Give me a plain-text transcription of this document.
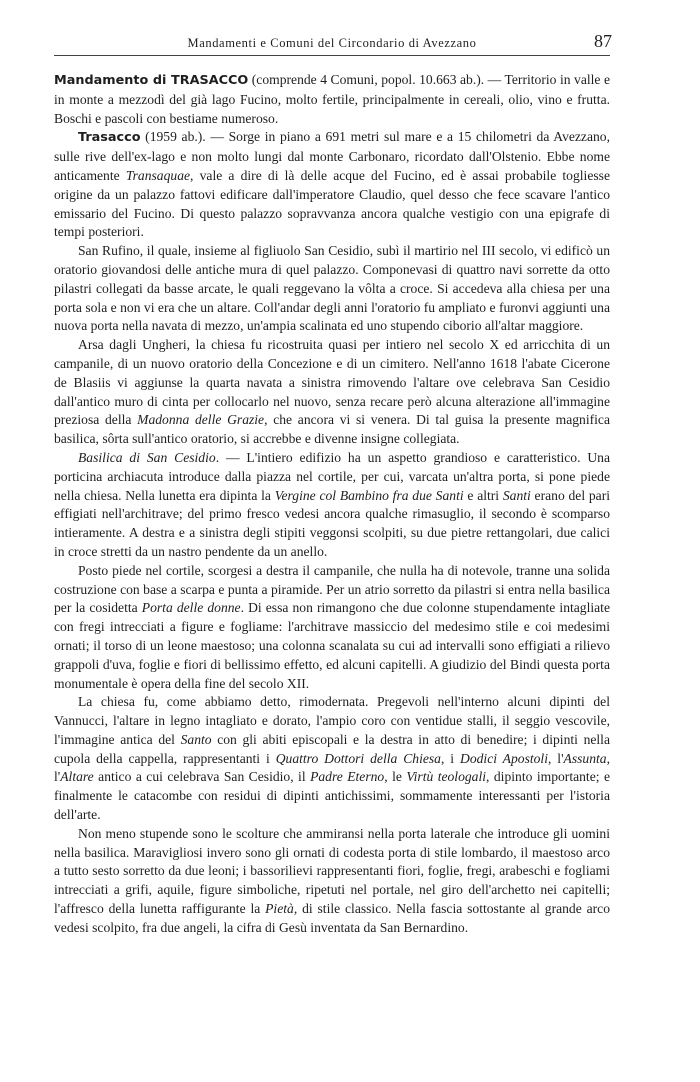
Mandamenti e Comuni del Circondario di Avezzano	87

Mandamento di TRASACCO (comprende 4 Comuni, popol. 10.663 ab.). — Territorio in valle e in monte a mezzodì del già lago Fucino, molto fertile, principalmente in cereali, olio, vino e frutta. Boschi e pascoli con bestiame numeroso.

Trasacco (1959 ab.). — Sorge in piano a 691 metri sul mare e a 15 chilometri da Avezzano, sulle rive dell'ex-lago e non molto lungi dal monte Carbonaro, ricordato dall'Olstenio. Ebbe nome anticamente Transaquae, vale a dire di là delle acque del Fucino, ed è assai probabile togliesse origine da un palazzo fattovi edificare dall'imperatore Claudio, quel desso che fece scavare l'antico emissario del Fucino. Di questo palazzo sopravvanza ancora qualche vestigio con una epigrafe di tempi posteriori.

San Rufino, il quale, insieme al figliuolo San Cesidio, subì il martirio nel III secolo, vi edificò un oratorio giovandosi delle antiche mura di quel palazzo. Componevasi di quattro navi sorrette da otto pilastri collegati da basse arcate, le quali reggevano la vôlta a croce. Si accedeva alla chiesa per una porta sola e non vi era che un altare. Coll'andar degli anni l'oratorio fu ampliato e furonvi aggiunti una nuova porta nella navata di mezzo, un'ampia scalinata ed uno stupendo ciborio all'altar maggiore.

Arsa dagli Ungheri, la chiesa fu ricostruita quasi per intiero nel secolo X ed arricchita di un campanile, di un nuovo oratorio della Concezione e di un cimitero. Nell'anno 1618 l'abate Cicerone de Blasiis vi aggiunse la quarta navata a sinistra rimovendo l'altare ove celebrava San Cesidio dall'antico muro di cinta per collocarlo nel nuovo, senza recare però alcuna alterazione all'immagine preziosa della Madonna delle Grazie, che ancora vi si venera. Di tal guisa la presente magnifica basilica, sôrta sull'antico oratorio, si accrebbe e divenne insigne collegiata.

Basilica di San Cesidio. — L'intiero edifizio ha un aspetto grandioso e caratteristico. Una porticina archiacuta introduce dalla piazza nel cortile, per cui, varcata un'altra porta, si pone piede nella chiesa. Nella lunetta era dipinta la Vergine col Bambino fra due Santi e altri Santi erano del pari effigiati nell'architrave; del primo fresco vedesi ancora qualche rimasuglio, il secondo è scomparso intieramente. A destra e a sinistra degli stipiti veggonsi scolpiti, su due pietre rettangolari, due calici in croce stretti da un nastro pendente da un anello.

Posto piede nel cortile, scorgesi a destra il campanile, che nulla ha di notevole, tranne una solida costruzione con base a scarpa e punta a piramide. Per un atrio sorretto da pilastri si entra nella basilica per la cosidetta Porta delle donne. Di essa non rimangono che due colonne stupendamente intagliate con fregi intrecciati a figure e fogliame: l'architrave massiccio del medesimo stile e coi medesimi ornati; il torso di un leone maestoso; una colonna scanalata su cui ad intervalli sono effigiati a rilievo grappoli d'uva, foglie e fiori di bellissimo effetto, ed alcuni capitelli. A giudizio del Bindi questa porta monumentale è opera della fine del secolo XII.

La chiesa fu, come abbiamo detto, rimodernata. Pregevoli nell'interno alcuni dipinti del Vannucci, l'altare in legno intagliato e dorato, l'ampio coro con ventidue stalli, il seggio vescovile, l'immagine antica del Santo con gli abiti episcopali e la destra in atto di benedire; i dipinti nella cupola della cappella, rappresentanti i Quattro Dottori della Chiesa, i Dodici Apostoli, l'Assunta, l'Altare antico a cui celebrava San Cesidio, il Padre Eterno, le Virtù teologali, dipinto importante; e finalmente le catacombe con residui di dipinti antichissimi, sommamente interessanti per l'istoria dell'arte.

Non meno stupende sono le scolture che ammiransi nella porta laterale che introduce gli uomini nella basilica. Maravigliosi invero sono gli ornati di codesta porta di stile lombardo, il maestoso arco a tutto sesto sorretto da due leoni; i bassorilievi rappresentanti fiori, foglie, fregi, arabeschi e fogliami intrecciati a grifi, aquile, figure simboliche, ripetuti nel portale, nel giro dell'archetto nei capitelli; l'affresco della lunetta raffigurante la Pietà, di stile classico. Nella fascia sottostante al grande arco vedesi scolpito, fra due angeli, la cifra di Gesù inventata da San Bernardino.
